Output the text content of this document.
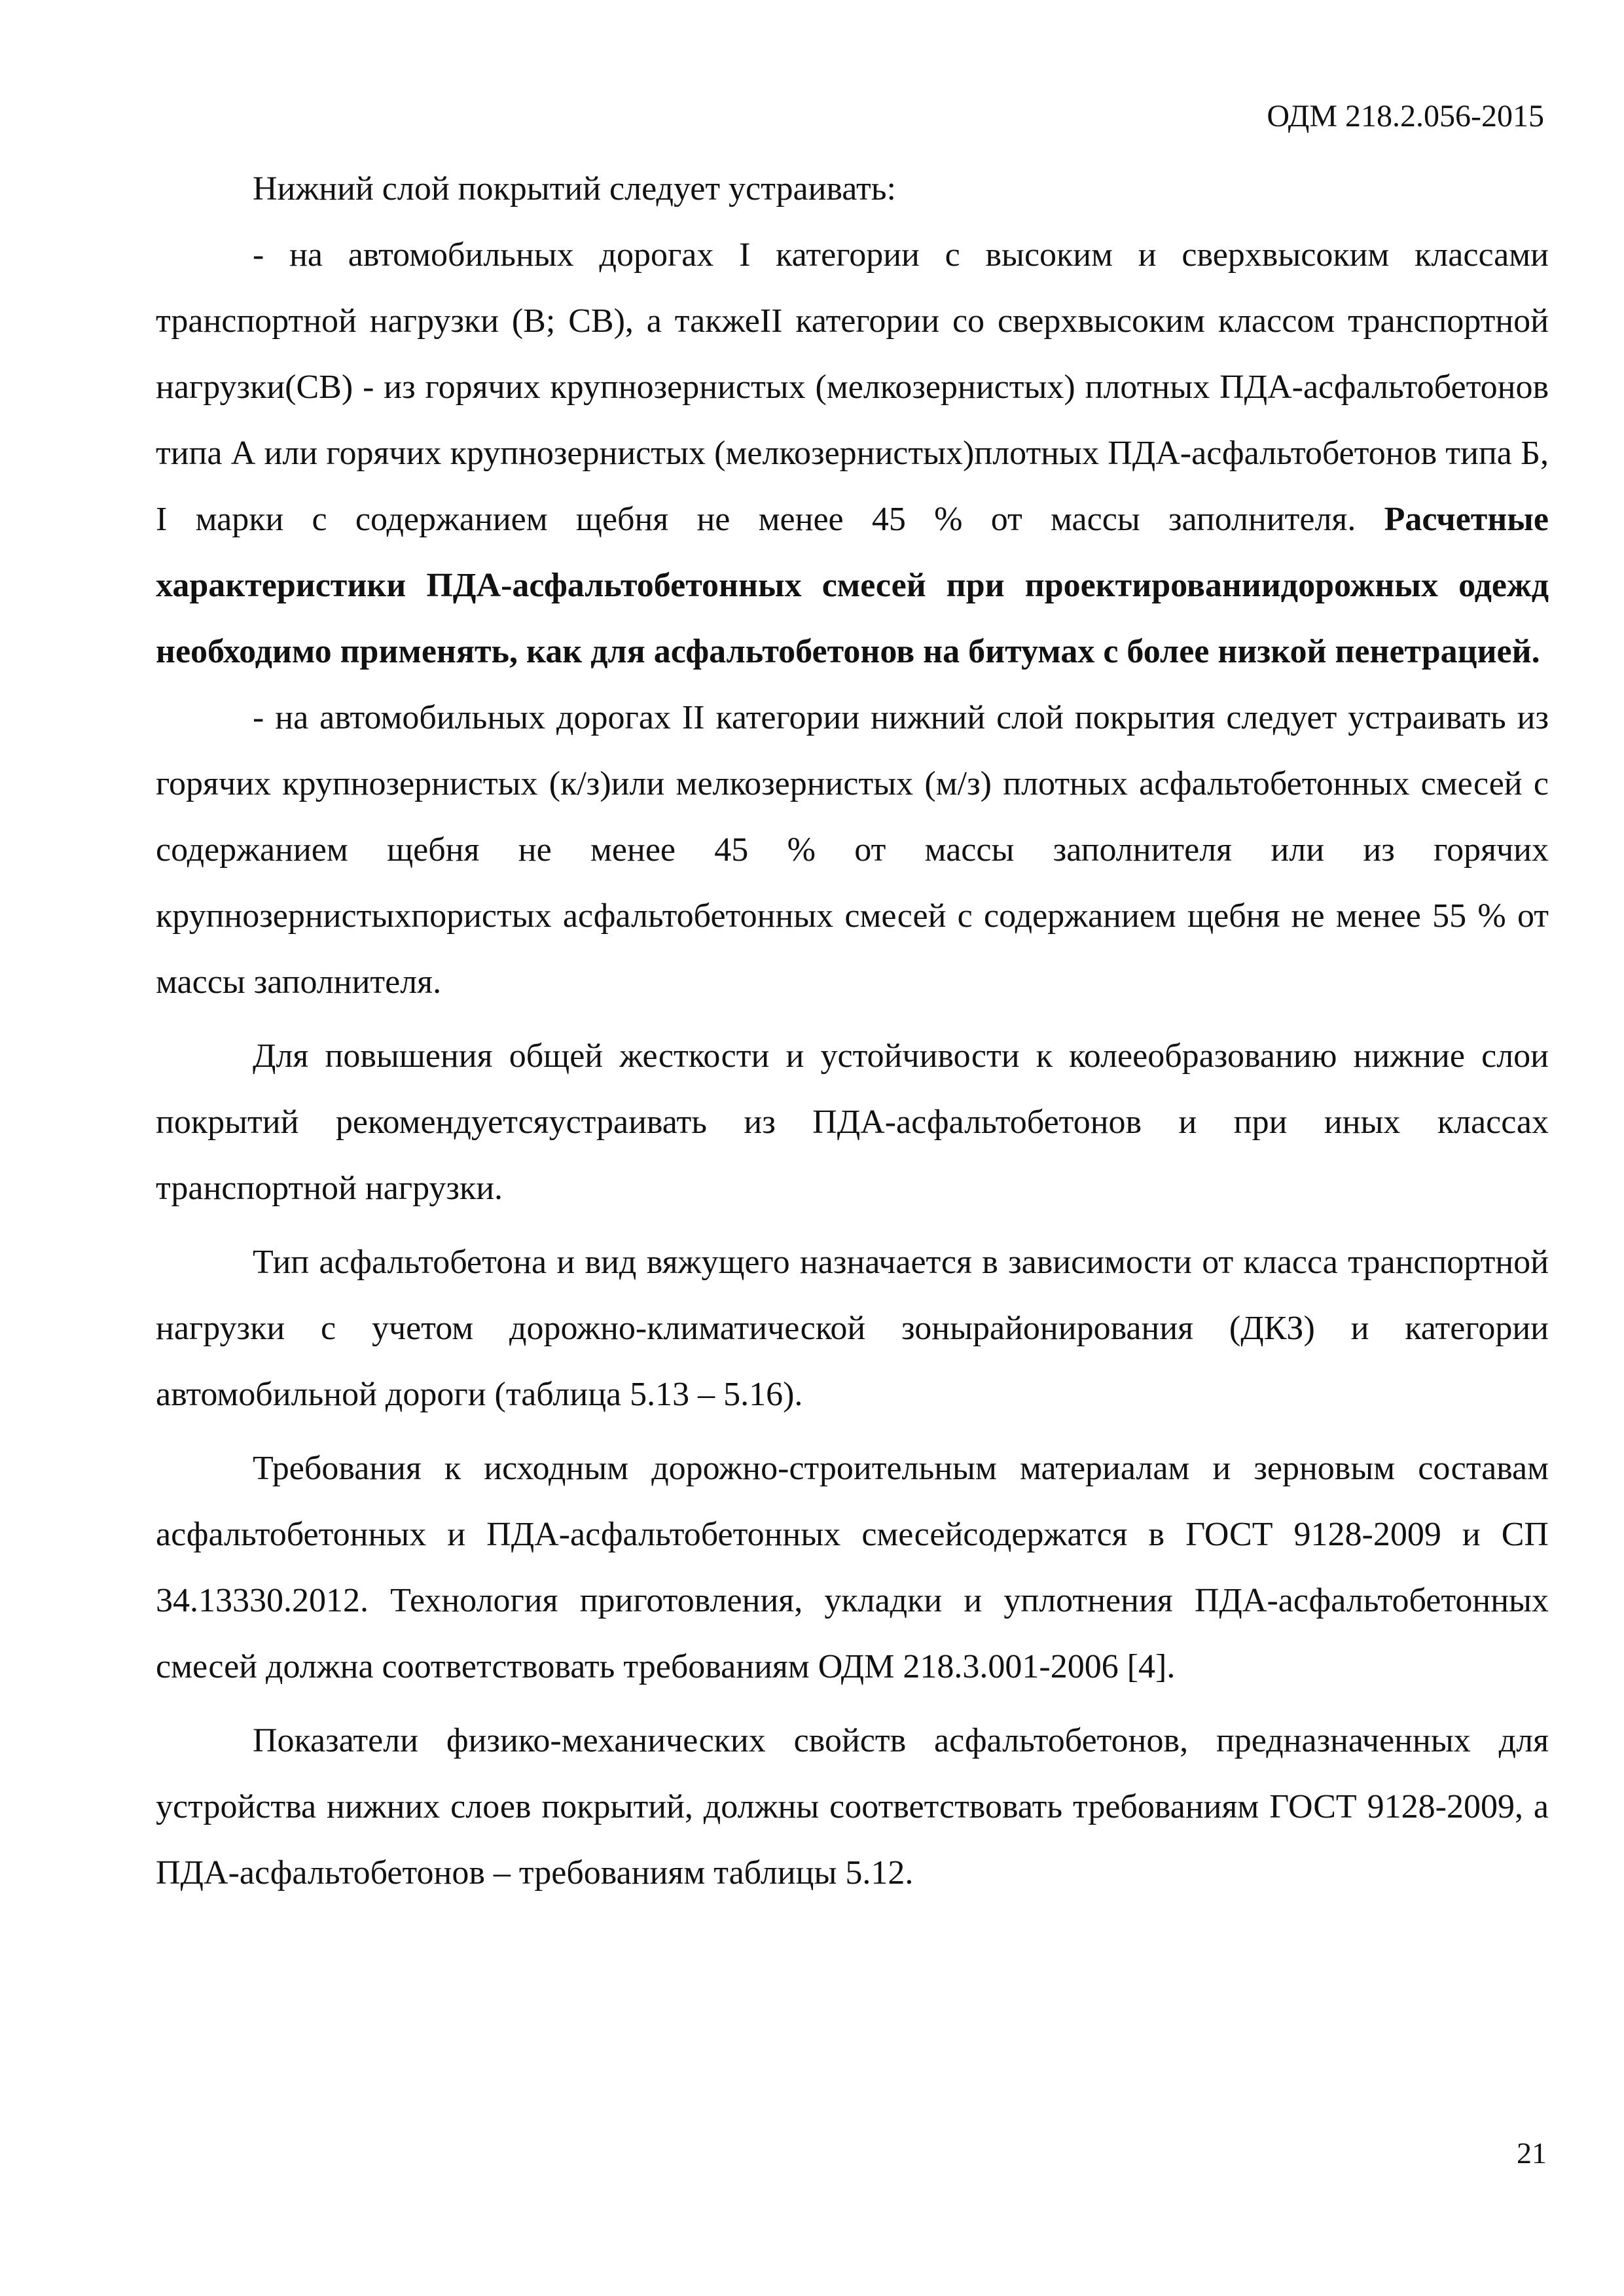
ОДМ 218.2.056-2015

Нижний слой покрытий следует устраивать:

- на автомобильных дорогах I категории с высоким и сверхвысоким классами транспортной нагрузки (В; СВ), а такжеII категории со сверхвысоким классом транспортной нагрузки(СВ) - из горячих крупнозернистых (мелкозернистых) плотных ПДА-асфальтобетонов типа А или горячих крупнозернистых (мелкозернистых)плотных ПДА-асфальтобетонов типа Б, I марки с содержанием щебня не менее 45 % от массы заполнителя. Расчетные характеристики ПДА-асфальтобетонных смесей при проектированиидорожных одежд необходимо применять, как для асфальтобетонов на битумах с более низкой пенетрацией.

- на автомобильных дорогах II категории нижний слой покрытия следует устраивать из горячих крупнозернистых (к/з)или мелкозернистых (м/з) плотных асфальтобетонных смесей с содержанием щебня не менее 45 % от массы заполнителя или из горячих крупнозернистыхпористых асфальтобетонных смесей с содержанием щебня не менее 55 % от массы заполнителя.

Для повышения общей жесткости и устойчивости к колееобразованию нижние слои покрытий рекомендуетсяустраивать из ПДА-асфальтобетонов и при иных классах транспортной нагрузки.

Тип асфальтобетона и вид вяжущего назначается в зависимости от класса транспортной нагрузки с учетом дорожно-климатической зонырайонирования (ДКЗ) и категории автомобильной дороги (таблица 5.13 – 5.16).

Требования к исходным дорожно-строительным материалам и зерновым составам асфальтобетонных и ПДА-асфальтобетонных смесейсодержатся в ГОСТ 9128-2009 и СП 34.13330.2012. Технология приготовления, укладки и уплотнения ПДА-асфальтобетонных смесей должна соответствовать требованиям ОДМ 218.3.001-2006 [4].

Показатели физико-механических свойств асфальтобетонов, предназначенных для устройства нижних слоев покрытий, должны соответствовать требованиям ГОСТ 9128-2009, а ПДА-асфальтобетонов – требованиям таблицы 5.12.

21
